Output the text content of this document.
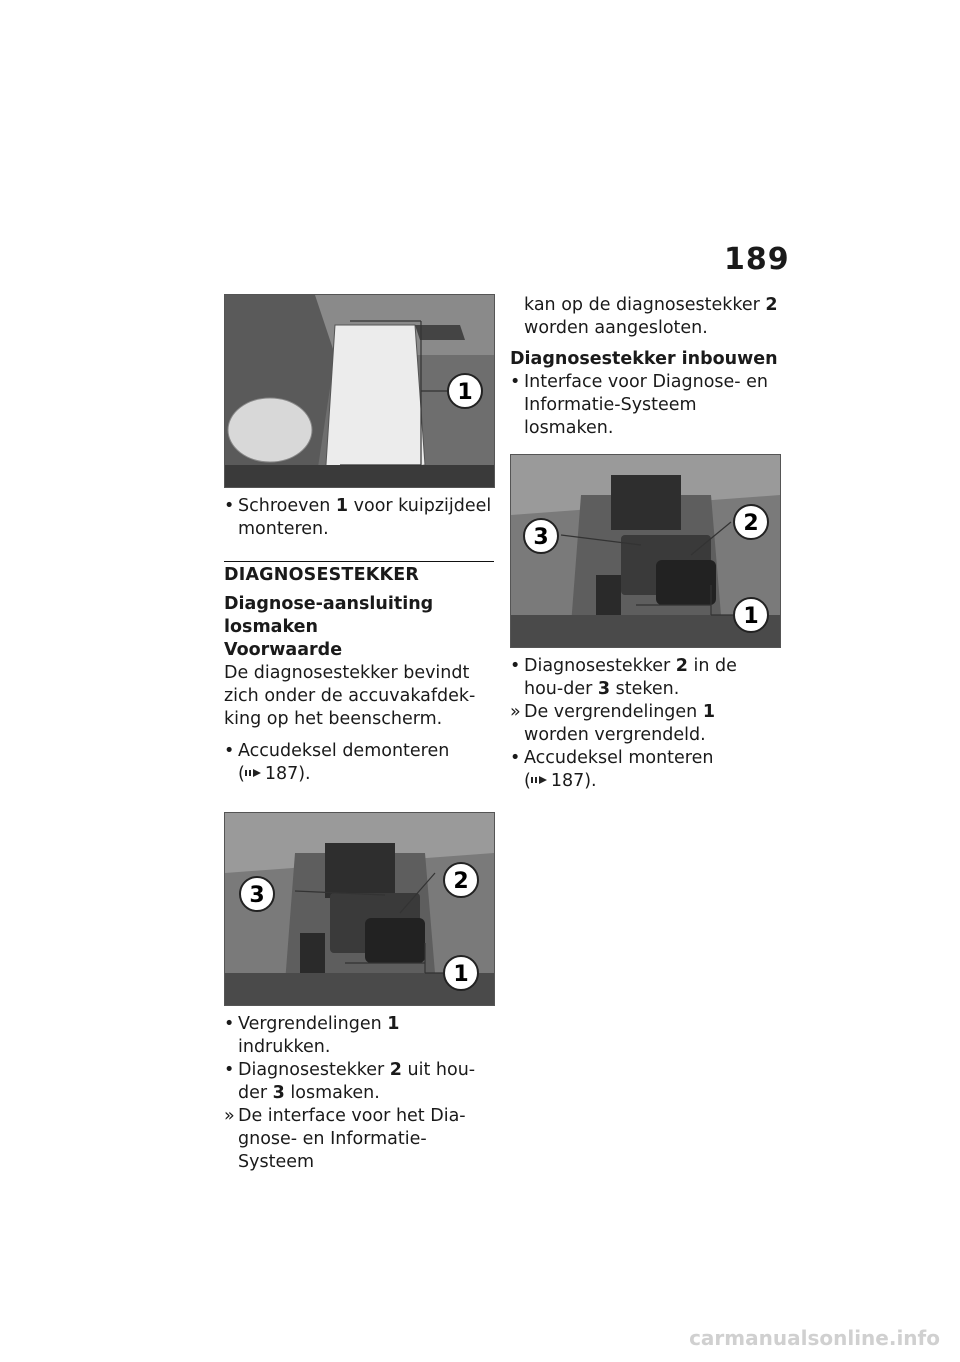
189
1

• Schroeven 1 voor kuipzijdeel monteren.

DIAGNOSESTEKKER
Diagnose-aansluiting losmaken
Voorwaarde

De diagnosestekker bevindt zich onder de accuvakafdek-king op het beenscherm.

• Accudeksel demonteren
( 187).

3
2
1

• Vergrendelingen 1 indrukken.

• Diagnosestekker 2 uit hou-der 3 losmaken.

» De interface voor het Dia-gnose- en Informatie-Systeem

kan op de diagnosestekker 2 worden aangesloten.

Diagnosestekker inbouwen

• Interface voor Diagnose- en Informatie-Systeem losmaken.

3
2
1

• Diagnosestekker 2 in de hou-der 3 steken.

» De vergrendelingen 1 worden vergrendeld.

• Accudeksel monteren
( 187).

carmanualsonline.info
